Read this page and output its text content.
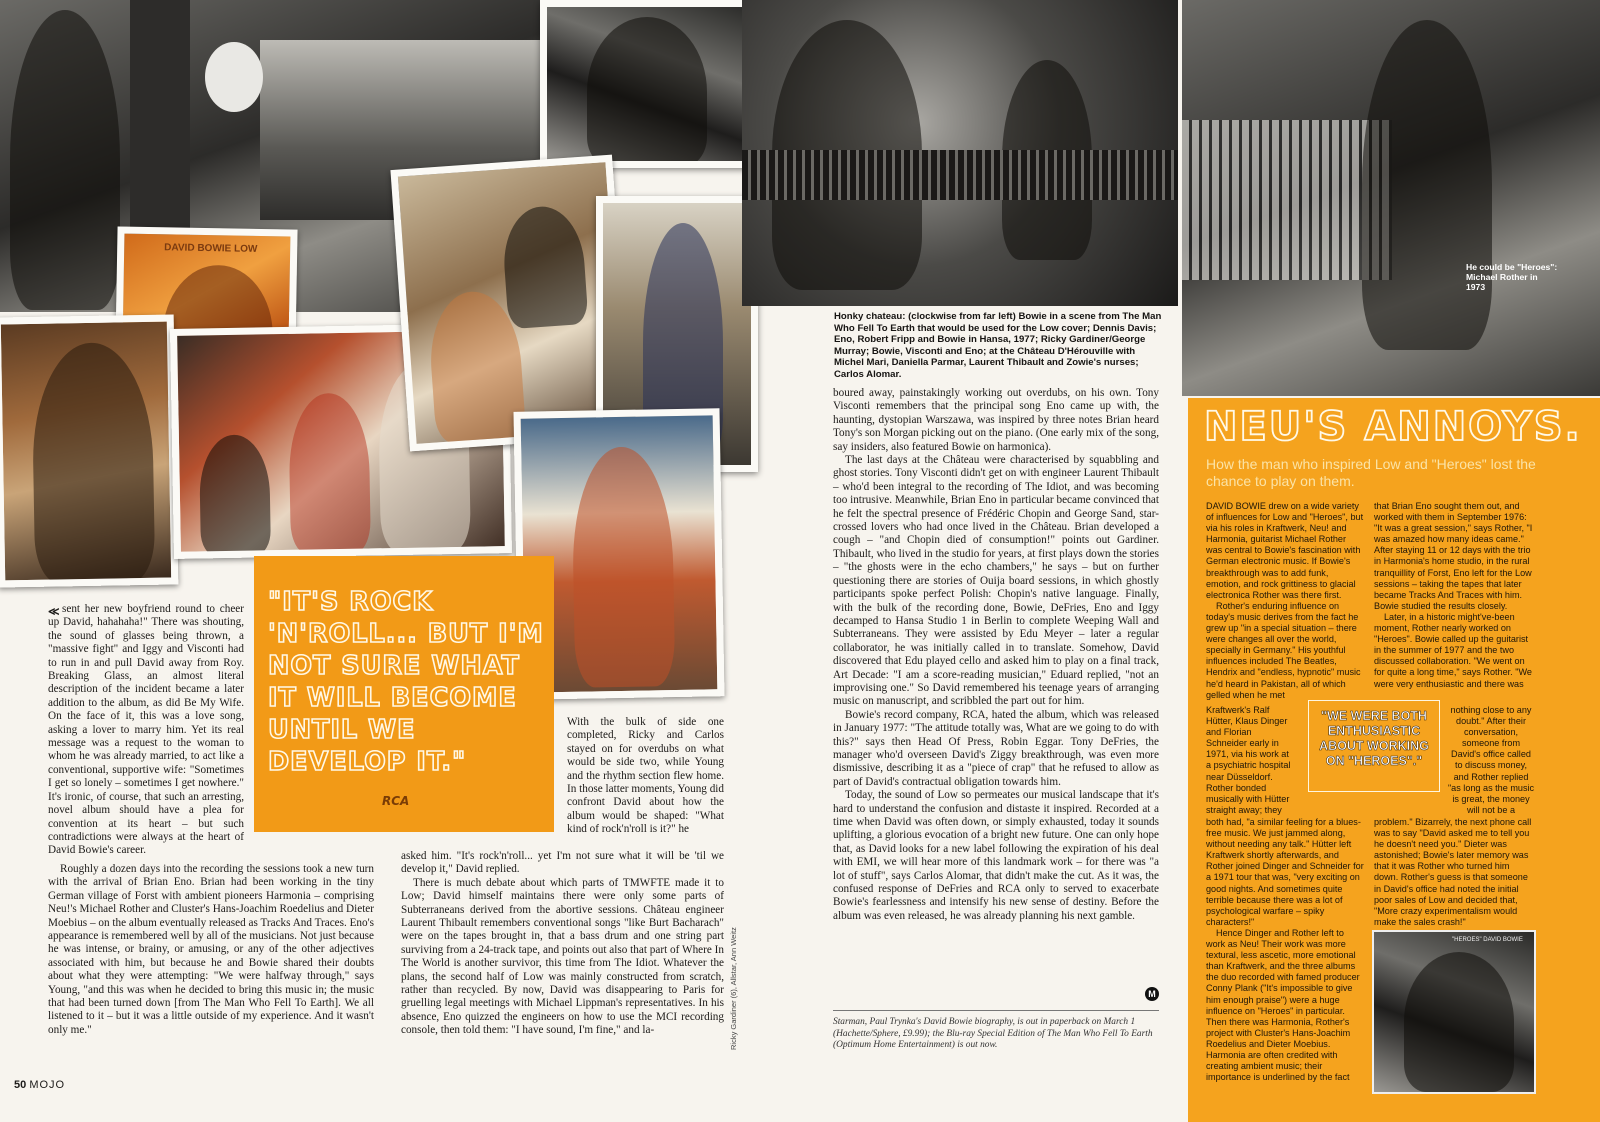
DAVID BOWIE LOW
He could be "Heroes": Michael Rother in 1973
Honky chateau: (clockwise from far left) Bowie in a scene from The Man Who Fell To Earth that would be used for the Low cover; Dennis Davis; Eno, Robert Fripp and Bowie in Hansa, 1977; Ricky Gardiner/George Murray; Bowie, Visconti and Eno; at the Château D'Hérouville with Michel Mari, Daniella Parmar, Laurent Thibault and Zowie's nurses; Carlos Alomar.
"IT'S ROCK 'N'ROLL... BUT I'M NOT SURE WHAT IT WILL BECOME UNTIL WE DEVELOP IT."
RCA
≪ sent her new boyfriend round to cheer up David, hahahaha!" There was shouting, the sound of glasses being thrown, a "massive fight" and Iggy and Visconti had to run in and pull David away from Roy. Breaking Glass, an almost literal description of the incident became a later addition to the album, as did Be My Wife. On the face of it, this was a love song, asking a lover to marry him. Yet its real message was a request to the woman to whom he was already married, to act like a conventional, supportive wife: "Sometimes I get so lonely – sometimes I get nowhere." It's ironic, of course, that such an arresting, novel album should have a plea for convention at its heart – but such contradictions were always at the heart of David Bowie's career.

Roughly a dozen days into the recording the sessions took a new turn with the arrival of Brian Eno. Brian had been working in the tiny German village of Forst with ambient pioneers Harmonia – comprising Neu!'s Michael Rother and Cluster's Hans-Joachim Roedelius and Dieter Moebius – on the album eventually released as Tracks And Traces. Eno's appearance is remembered well by all of the musicians. Not just because he was intense, or brainy, or amusing, or any of the other adjectives associated with him, but because he and Bowie shared their doubts about what they were attempting: "We were halfway through," says Young, "and this was when he decided to bring this music in; the music that had been turned down [from The Man Who Fell To Earth]. We all listened to it – but it was a little outside of my experience. And it wasn't only me."

With the bulk of side one completed, Ricky and Carlos stayed on for overdubs on what would be side two, while Young and the rhythm section flew home. In those latter moments, Young did confront David about how the album would be shaped: "What kind of rock'n'roll is it?" he

asked him. "It's rock'n'roll... yet I'm not sure what it will be 'til we develop it," David replied.

There is much debate about which parts of TMWFTE made it to Low; David himself maintains there were only some parts of Subterraneans derived from the abortive sessions. Château engineer Laurent Thibault remembers conventional songs "like Burt Bacharach" were on the tapes brought in, that a bass drum and one string part surviving from a 24-track tape, and points out also that part of Where In The World is another survivor, this time from The Idiot. Whatever the plans, the second half of Low was mainly constructed from scratch, rather than recycled. By now, David was disappearing to Paris for gruelling legal meetings with Michael Lippman's representatives. In his absence, Eno quizzed the engineers on how to use the MCI recording console, then told them: "I have sound, I'm fine," and la-	Ricky Gardiner (6), Allstar, Ann Weitz

boured away, painstakingly working out overdubs, on his own. Tony Visconti remembers that the principal song Eno came up with, the haunting, dystopian Warszawa, was inspired by three notes Brian heard Tony's son Morgan picking out on the piano. (One early mix of the song, say insiders, also featured Bowie on harmonica).

The last days at the Château were characterised by squabbling and ghost stories. Tony Visconti didn't get on with engineer Laurent Thibault – who'd been integral to the recording of The Idiot, and was becoming too intrusive. Meanwhile, Brian Eno in particular became convinced that he felt the spectral presence of Frédéric Chopin and George Sand, star-crossed lovers who had once lived in the Château. Brian developed a cough – "and Chopin died of consumption!" points out Gardiner. Thibault, who lived in the studio for years, at first plays down the stories – "the ghosts were in the echo chambers," he says – but on further questioning there are stories of Ouija board sessions, in which ghostly participants spoke perfect Polish: Chopin's native language. Finally, with the bulk of the recording done, Bowie, DeFries, Eno and Iggy decamped to Hansa Studio 1 in Berlin to complete Weeping Wall and Subterraneans. They were assisted by Edu Meyer – later a regular collaborator, he was initially called in to translate. Somehow, David discovered that Edu played cello and asked him to play on a final track, Art Decade: "I am a score-reading musician," Eduard replied, "not an improvising one." So David remembered his teenage years of arranging music on manuscript, and scribbled the part out for him.

Bowie's record company, RCA, hated the album, which was released in January 1977: "The attitude totally was, What are we going to do with this?" says then Head Of Press, Robin Eggar. Tony DeFries, the manager who'd overseen David's Ziggy breakthrough, was even more dismissive, describing it as a "piece of crap" that he refused to allow as part of David's contractual obligation towards him.

Today, the sound of Low so permeates our musical landscape that it's hard to understand the confusion and distaste it inspired. Recorded at a time when David was often down, or simply exhausted, today it sounds uplifting, a glorious evocation of a bright new future. One can only hope that, as David looks for a new label following the expiration of his deal with EMI, we will hear more of this landmark work – for there was "a lot of stuff", says Carlos Alomar, that didn't make the cut. As it was, the confused response of DeFries and RCA only to served to exacerbate Bowie's fearlessness and intensify his new sense of destiny. Before the album was even released, he was already planning his next gamble.

M
Starman, Paul Trynka's David Bowie biography, is out in paperback on March 1 (Hachette/Sphere, £9.99); the Blu-ray Special Edition of The Man Who Fell To Earth (Optimum Home Entertainment) is out now.
NEU'S ANNOYS.
How the man who inspired Low and "Heroes" lost the chance to play on them.

DAVID BOWIE drew on a wide variety of influences for Low and "Heroes", but via his roles in Kraftwerk, Neu! and Harmonia, guitarist Michael Rother was central to Bowie's fascination with German electronic music. If Bowie's breakthrough was to add funk, emotion, and rock grittiness to glacial electronica Rother was there first.

Rother's enduring influence on today's music derives from the fact he grew up "in a special situation – there were changes all over the world, specially in Germany." His youthful influences included The Beatles, Hendrix and "endless, hypnotic" music he'd heard in Pakistan, all of which gelled when he met

Kraftwerk's Ralf Hütter, Klaus Dinger and Florian Schneider early in 1971, via his work at a psychiatric hospital near Düsseldorf. Rother bonded musically with Hütter straight away; they

both had, "a similar feeling for a blues-free music. We just jammed along, without needing any talk." Hütter left Kraftwerk shortly afterwards, and Rother joined Dinger and Schneider for a 1971 tour that was, "very exciting on good nights. And sometimes quite terrible because there was a lot of psychological warfare – spiky characters!"

Hence Dinger and Rother left to work as Neu! Their work was more textural, less ascetic, more emotional than Kraftwerk, and the three albums the duo recorded with famed producer Conny Plank ("It's impossible to give him enough praise") were a huge influence on "Heroes" in particular. Then there was Harmonia, Rother's project with Cluster's Hans-Joachim Roedelius and Dieter Moebius. Harmonia are often credited with creating ambient music; their importance is underlined by the fact

that Brian Eno sought them out, and worked with them in September 1976: "It was a great session," says Rother, "I was amazed how many ideas came." After staying 11 or 12 days with the trio in Harmonia's home studio, in the rural tranquillity of Forst, Eno left for the Low sessions – taking the tapes that later became Tracks And Traces with him. Bowie studied the results closely.

Later, in a historic might've-been moment, Rother nearly worked on "Heroes". Bowie called up the guitarist in the summer of 1977 and the two discussed collaboration. "We went on for quite a long time," says Rother. "We were very enthusiastic and there was

nothing close to any doubt." After their conversation, someone from David's office called to discuss money, and Rother replied "as long as the music is great, the money will not be a

problem." Bizarrely, the next phone call was to say "David asked me to tell you he doesn't need you." Dieter was astonished; Bowie's later memory was that it was Rother who turned him down. Rother's guess is that someone in David's office had noted the initial poor sales of Low and decided that, "More crazy experimentalism would make the sales crash!"

"WE WERE BOTH ENTHUSIASTIC ABOUT WORKING ON "HEROES"."
"HEROES" DAVID BOWIE
50 MOJO
